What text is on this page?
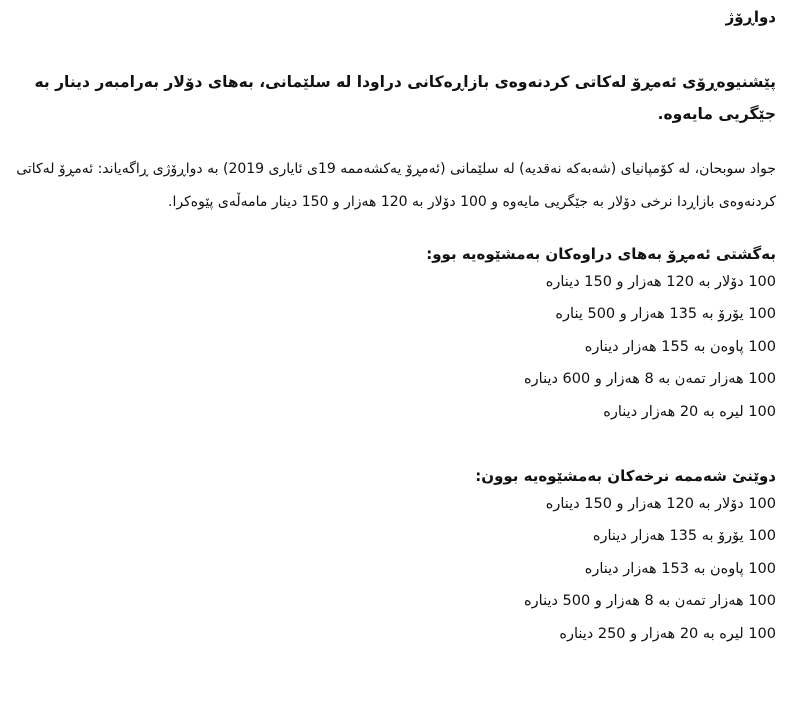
دواڕۆژ

پێشنیوەڕۆی ئەمڕۆ لەکاتی کردنەوەی بازاڕەکانی دراودا لە سلێمانی، بەهای دۆلار بەرامبەر دینار بە جێگریی مایەوە.

جواد سوبحان، لە کۆمپانیای (شەبەکە نەقدیە) لە سلێمانی (ئەمڕۆ یەکشەممە 19ی ئایاری 2019) بە دواڕۆژی ڕاگەیاند: ئەمڕۆ لەکاتی کردنەوەی بازاڕدا نرخی دۆلار بە جێگریی مایەوە و 100 دۆلار بە 120 هەزار و 150 دینار مامەڵەی پێوەکرا.

بەگشتی ئەمڕۆ بەهای دراوەکان بەمشێوەیە بوو:

100 دۆلار بە 120 هەزار و 150 دینارە
100 یۆرۆ بە 135 هەزار و 500 ینارە
100 پاوەن بە 155 هەزار دینارە
100 هەزار تمەن بە 8 هەزار و 600 دینارە
100 لیرە بە 20 هەزار دینارە

دوێنێ شەممە نرخەکان بەمشێوەیە بوون:

100 دۆلار بە 120 هەزار و 150 دینارە
100 یۆرۆ بە 135 هەزار دینارە
100 پاوەن بە 153 هەزار دینارە
100 هەزار تمەن بە 8 هەزار و 500 دینارە
100 لیرە بە 20 هەزار و 250 دینارە
